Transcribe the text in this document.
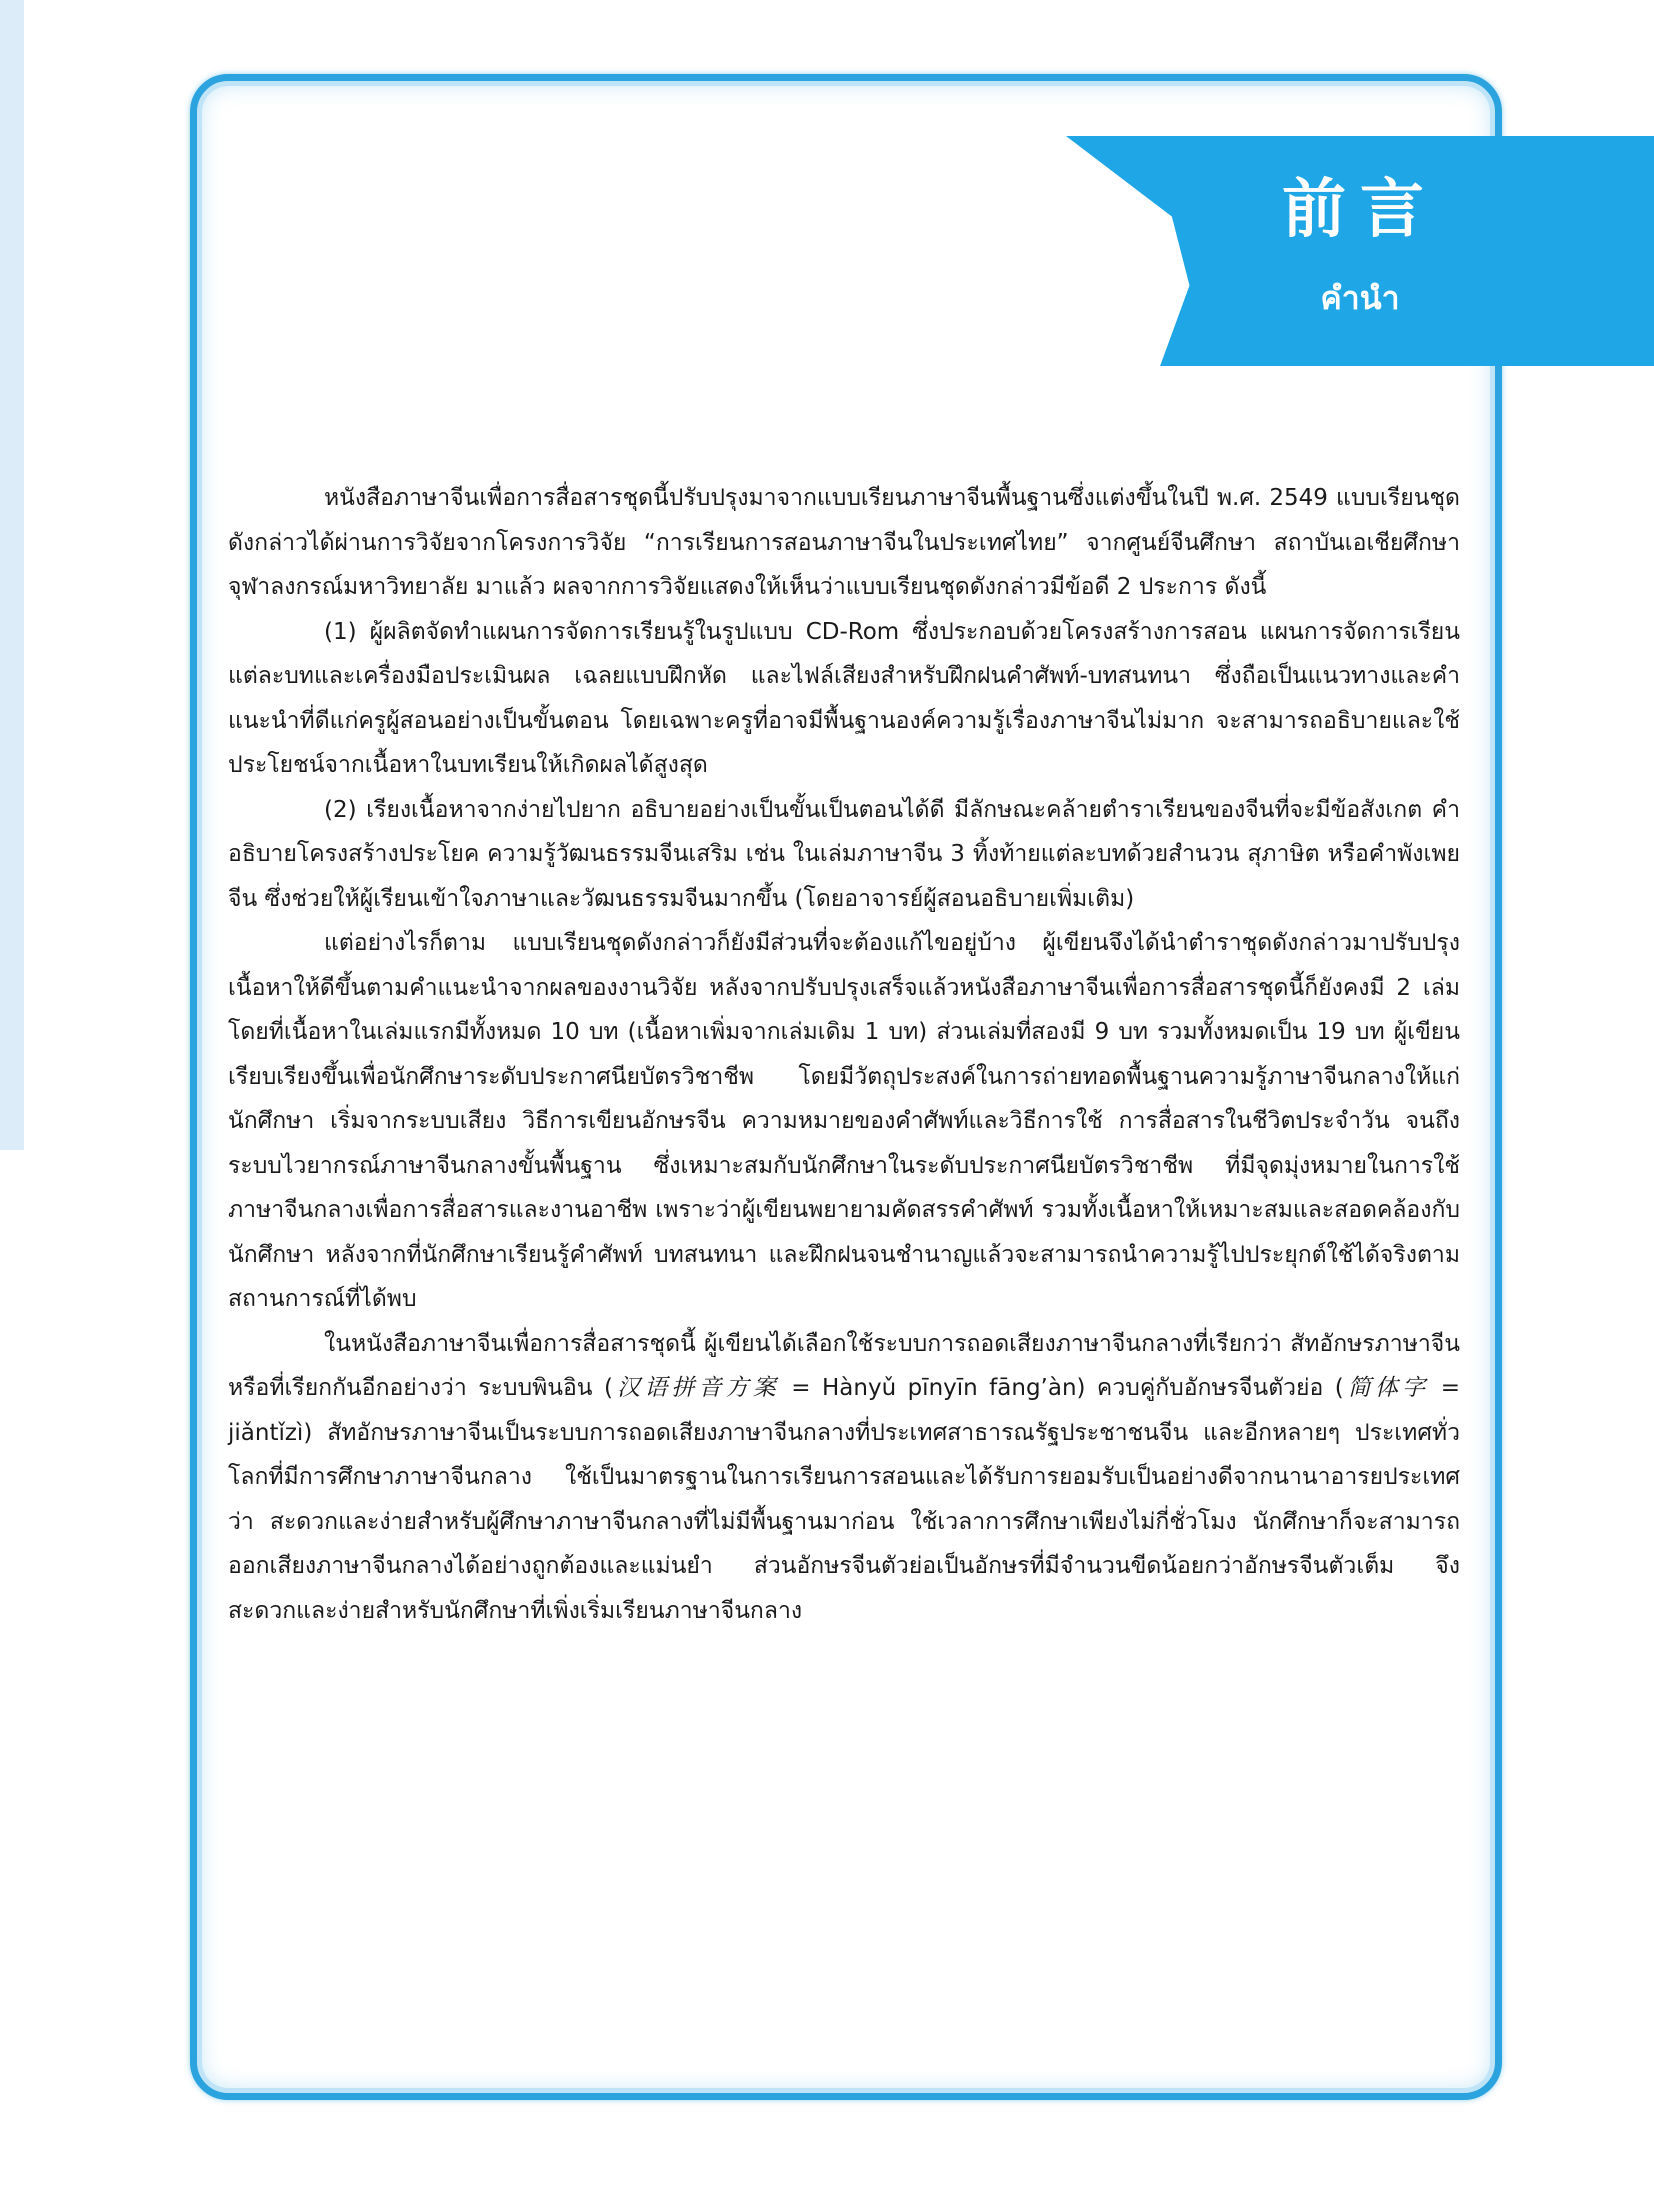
前言
คำนำ

หนังสือภาษาจีนเพื่อการสื่อสารชุดนี้ปรับปรุงมาจากแบบเรียนภาษาจีนพื้นฐานซึ่งแต่งขึ้นในปี พ.ศ. 2549 แบบเรียนชุดดังกล่าวได้ผ่านการวิจัยจากโครงการวิจัย “การเรียนการสอนภาษาจีนในประเทศไทย” จากศูนย์จีนศึกษา สถาบันเอเชียศึกษา จุฬาลงกรณ์มหาวิทยาลัย มาแล้ว ผลจากการวิจัยแสดงให้เห็นว่าแบบเรียนชุดดังกล่าวมีข้อดี 2 ประการ ดังนี้

(1) ผู้ผลิตจัดทำแผนการจัดการเรียนรู้ในรูปแบบ CD-Rom ซึ่งประกอบด้วยโครงสร้างการสอน แผนการจัดการเรียนแต่ละบทและเครื่องมือประเมินผล เฉลยแบบฝึกหัด และไฟล์เสียงสำหรับฝึกฝนคำศัพท์-บทสนทนา ซึ่งถือเป็นแนวทางและคำแนะนำที่ดีแก่ครูผู้สอนอย่างเป็นขั้นตอน โดยเฉพาะครูที่อาจมีพื้นฐานองค์ความรู้เรื่องภาษาจีนไม่มาก จะสามารถอธิบายและใช้ประโยชน์จากเนื้อหาในบทเรียนให้เกิดผลได้สูงสุด

(2) เรียงเนื้อหาจากง่ายไปยาก อธิบายอย่างเป็นขั้นเป็นตอนได้ดี มีลักษณะคล้ายตำราเรียนของจีนที่จะมีข้อสังเกต คำอธิบายโครงสร้างประโยค ความรู้วัฒนธรรมจีนเสริม เช่น ในเล่มภาษาจีน 3 ทิ้งท้ายแต่ละบทด้วยสำนวน สุภาษิต หรือคำพังเพยจีน ซึ่งช่วยให้ผู้เรียนเข้าใจภาษาและวัฒนธรรมจีนมากขึ้น (โดยอาจารย์ผู้สอนอธิบายเพิ่มเติม)

แต่อย่างไรก็ตาม แบบเรียนชุดดังกล่าวก็ยังมีส่วนที่จะต้องแก้ไขอยู่บ้าง ผู้เขียนจึงได้นำตำราชุดดังกล่าวมาปรับปรุงเนื้อหาให้ดีขึ้นตามคำแนะนำจากผลของงานวิจัย หลังจากปรับปรุงเสร็จแล้วหนังสือภาษาจีนเพื่อการสื่อสารชุดนี้ก็ยังคงมี 2 เล่ม โดยที่เนื้อหาในเล่มแรกมีทั้งหมด 10 บท (เนื้อหาเพิ่มจากเล่มเดิม 1 บท) ส่วนเล่มที่สองมี 9 บท รวมทั้งหมดเป็น 19 บท ผู้เขียนเรียบเรียงขึ้นเพื่อนักศึกษาระดับประกาศนียบัตรวิชาชีพ โดยมีวัตถุประสงค์ในการถ่ายทอดพื้นฐานความรู้ภาษาจีนกลางให้แก่นักศึกษา เริ่มจากระบบเสียง วิธีการเขียนอักษรจีน ความหมายของคำศัพท์และวิธีการใช้ การสื่อสารในชีวิตประจำวัน จนถึงระบบไวยากรณ์ภาษาจีนกลางขั้นพื้นฐาน ซึ่งเหมาะสมกับนักศึกษาในระดับประกาศนียบัตรวิชาชีพ ที่มีจุดมุ่งหมายในการใช้ภาษาจีนกลางเพื่อการสื่อสารและงานอาชีพ เพราะว่าผู้เขียนพยายามคัดสรรคำศัพท์ รวมทั้งเนื้อหาให้เหมาะสมและสอดคล้องกับนักศึกษา หลังจากที่นักศึกษาเรียนรู้คำศัพท์ บทสนทนา และฝึกฝนจนชำนาญแล้วจะสามารถนำความรู้ไปประยุกต์ใช้ได้จริงตามสถานการณ์ที่ได้พบ

ในหนังสือภาษาจีนเพื่อการสื่อสารชุดนี้ ผู้เขียนได้เลือกใช้ระบบการถอดเสียงภาษาจีนกลางที่เรียกว่า สัทอักษรภาษาจีน หรือที่เรียกกันอีกอย่างว่า ระบบพินอิน (汉语拼音方案 = Hànyǔ pīnyīn fāng’àn) ควบคู่กับอักษรจีนตัวย่อ (简体字 = jiǎntǐzì) สัทอักษรภาษาจีนเป็นระบบการถอดเสียงภาษาจีนกลางที่ประเทศสาธารณรัฐประชาชนจีน และอีกหลายๆ ประเทศทั่วโลกที่มีการศึกษาภาษาจีนกลาง ใช้เป็นมาตรฐานในการเรียนการสอนและได้รับการยอมรับเป็นอย่างดีจากนานาอารยประเทศว่า สะดวกและง่ายสำหรับผู้ศึกษาภาษาจีนกลางที่ไม่มีพื้นฐานมาก่อน ใช้เวลาการศึกษาเพียงไม่กี่ชั่วโมง นักศึกษาก็จะสามารถออกเสียงภาษาจีนกลางได้อย่างถูกต้องและแม่นยำ ส่วนอักษรจีนตัวย่อเป็นอักษรที่มีจำนวนขีดน้อยกว่าอักษรจีนตัวเต็ม จึงสะดวกและง่ายสำหรับนักศึกษาที่เพิ่งเริ่มเรียนภาษาจีนกลาง
